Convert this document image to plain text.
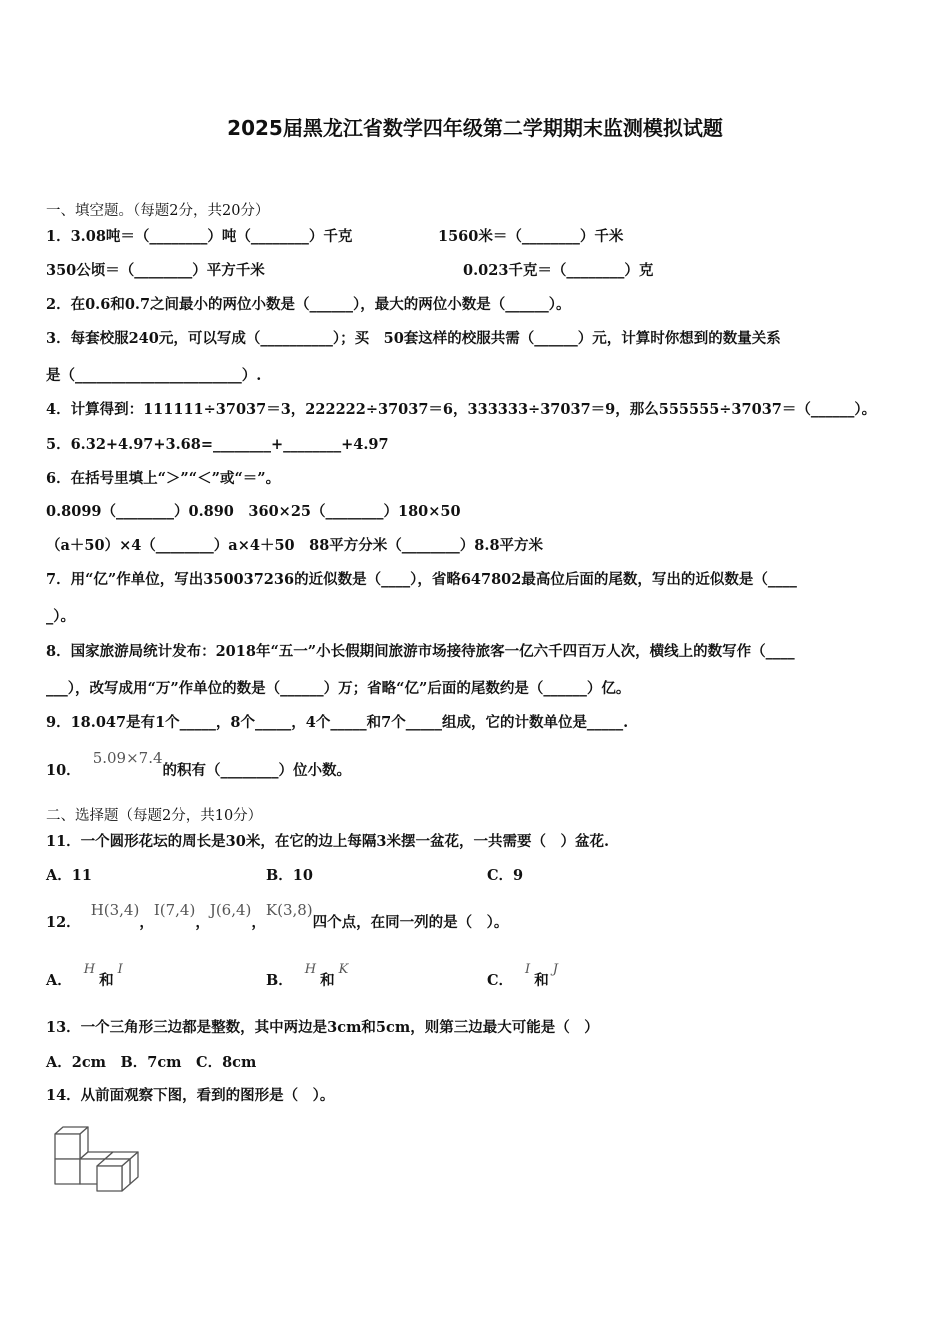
2025届黑龙江省数学四年级第二学期期末监测模拟试题
一、填空题。（每题2分，共20分）
1．3.08吨＝（________）吨（________）千克	1560米＝（________）千米
350公顷＝（________）平方千米	0.023千克＝（________）克
2．在0.6和0.7之间最小的两位小数是（______），最大的两位小数是（______）。
3．每套校服240元，可以写成（__________）；买　50套这样的校服共需（______）元，计算时你想到的数量关系
是（_______________________）.
4．计算得到：111111÷37037＝3，222222÷37037＝6，333333÷37037＝9，那么555555÷37037＝（______）。
5．6.32+4.97+3.68=________+________+4.97
6．在括号里填上“＞”“＜”或“＝”。
0.8099（________）0.890　360×25（________）180×50
（a＋50）×4（________）a×4＋50　88平方分米（________）8.8平方米
7．用“亿”作单位，写出350037236的近似数是（____），省略647802最高位后面的尾数，写出的近似数是（____
_）。
8．国家旅游局统计发布：2018年“五一”小长假期间旅游市场接待旅客一亿六千四百万人次，横线上的数写作（____
___），改写成用“万”作单位的数是（______）万；省略“亿”后面的尾数约是（______）亿。
9．18.047是有1个_____，8个_____，4个_____和7个_____组成，它的计数单位是_____.
10．5.09×7.4的积有（________）位小数。
二、选择题（每题2分，共10分）
11．一个圆形花坛的周长是30米，在它的边上每隔3米摆一盆花，一共需要（　）盆花.
A．11	B．10	C．9
12．H(3,4)，I(7,4)，J(6,4)，K(3,8)四个点，在同一列的是（　）。
A．H和I
B．H和K
C．I和J
13．一个三角形三边都是整数，其中两边是3cm和5cm，则第三边最大可能是（　）
A．2cm　B．7cm　C．8cm
14．从前面观察下图，看到的图形是（　）。
